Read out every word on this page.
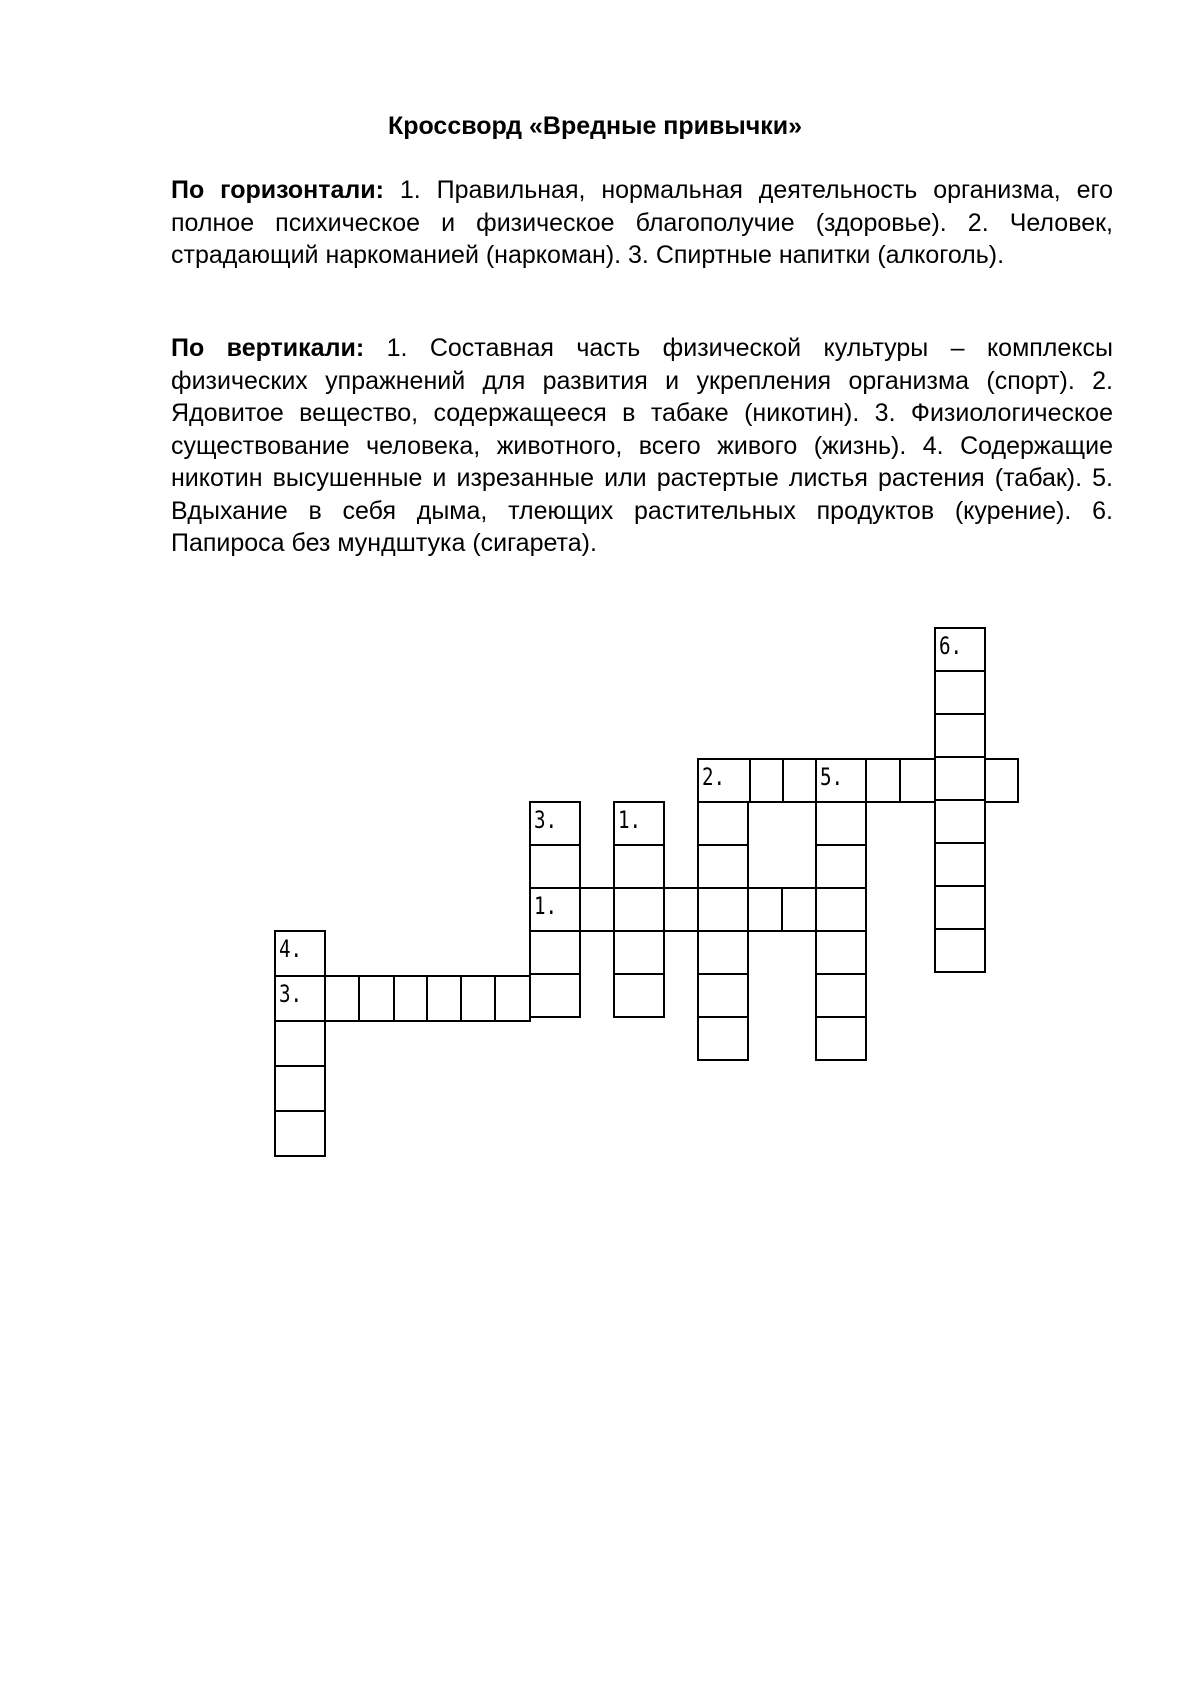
Кроссворд «Вредные привычки»
По горизонтали: 1. Правильная, нормальная деятельность организма, его полное психическое и физическое благополучие (здоровье). 2. Человек, страдающий наркоманией (наркоман). 3. Спиртные напитки (алкоголь).
По вертикали: 1. Составная часть физической культуры – комплексы физических упражнений для развития и укрепления организма (спорт). 2. Ядовитое вещество, содержащееся в табаке (никотин). 3. Физиологическое существование человека, животного, всего живого (жизнь). 4. Содержащие никотин высушенные и изрезанные или растертые листья растения (табак). 5. Вдыхание в себя дыма, тлеющих растительных продуктов (курение). 6. Папироса без мундштука (сигарета).
6.
2.	5.
3.	1.
4.
1.
3.
